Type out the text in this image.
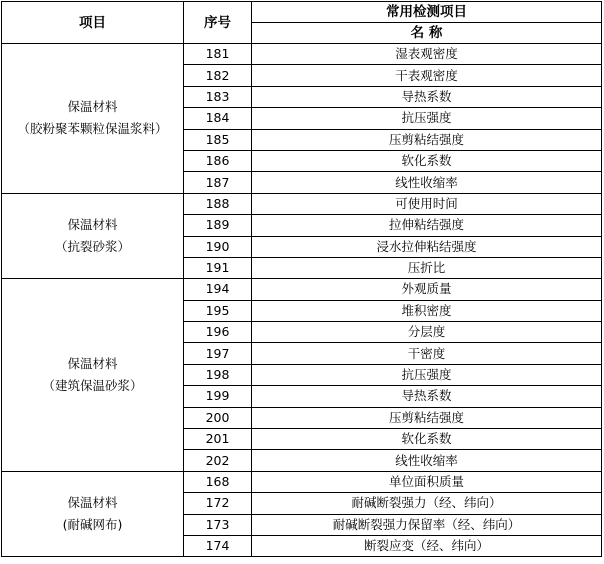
项目	序号	常用检测项目
		名 称

保温材料
（胶粉聚苯颗粒保温浆料）	181	湿表观密度
	182	干表观密度
	183	导热系数
	184	抗压强度
	185	压剪粘结强度
	186	软化系数
	187	线性收缩率

保温材料
（抗裂砂浆）	188	可使用时间
	189	拉伸粘结强度
	190	浸水拉伸粘结强度
	191	压折比

保温材料
（建筑保温砂浆）	194	外观质量
	195	堆积密度
	196	分层度
	197	干密度
	198	抗压强度
	199	导热系数
	200	压剪粘结强度
	201	软化系数
	202	线性收缩率

保温材料
(耐碱网布)	168	单位面积质量
	172	耐碱断裂强力（经、纬向）
	173	耐碱断裂强力保留率（经、纬向）
	174	断裂应变（经、纬向）
